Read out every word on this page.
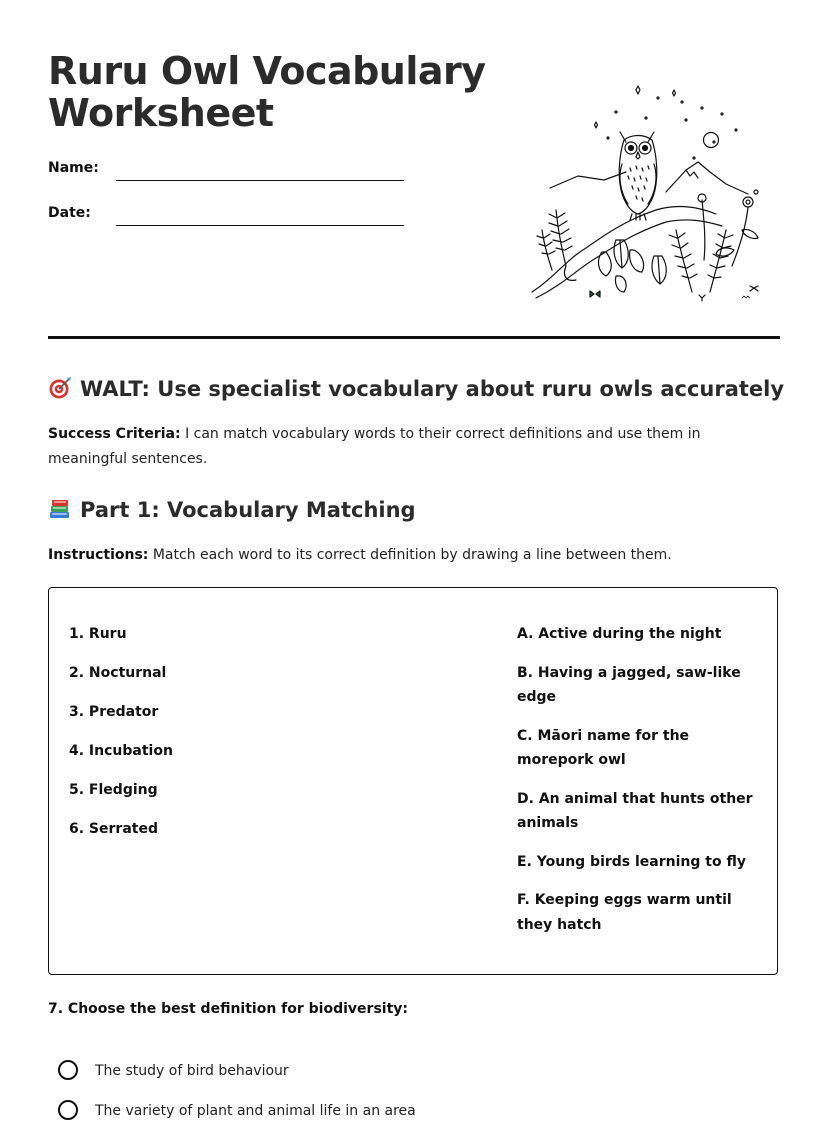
Ruru Owl Vocabulary Worksheet
Name:
Date:
WALT: Use specialist vocabulary about ruru owls accurately

Success Criteria: I can match vocabulary words to their correct definitions and use them in meaningful sentences.

Part 1: Vocabulary Matching

Instructions: Match each word to its correct definition by drawing a line between them.

1. Ruru
2. Nocturnal
3. Predator
4. Incubation
5. Fledging
6. Serrated
A. Active during the night
B. Having a jagged, saw-like edge
C. Māori name for the morepork owl
D. An animal that hunts other animals
E. Young birds learning to fly
F. Keeping eggs warm until they hatch

7. Choose the best definition for biodiversity:

The study of bird behaviour
The variety of plant and animal life in an area
